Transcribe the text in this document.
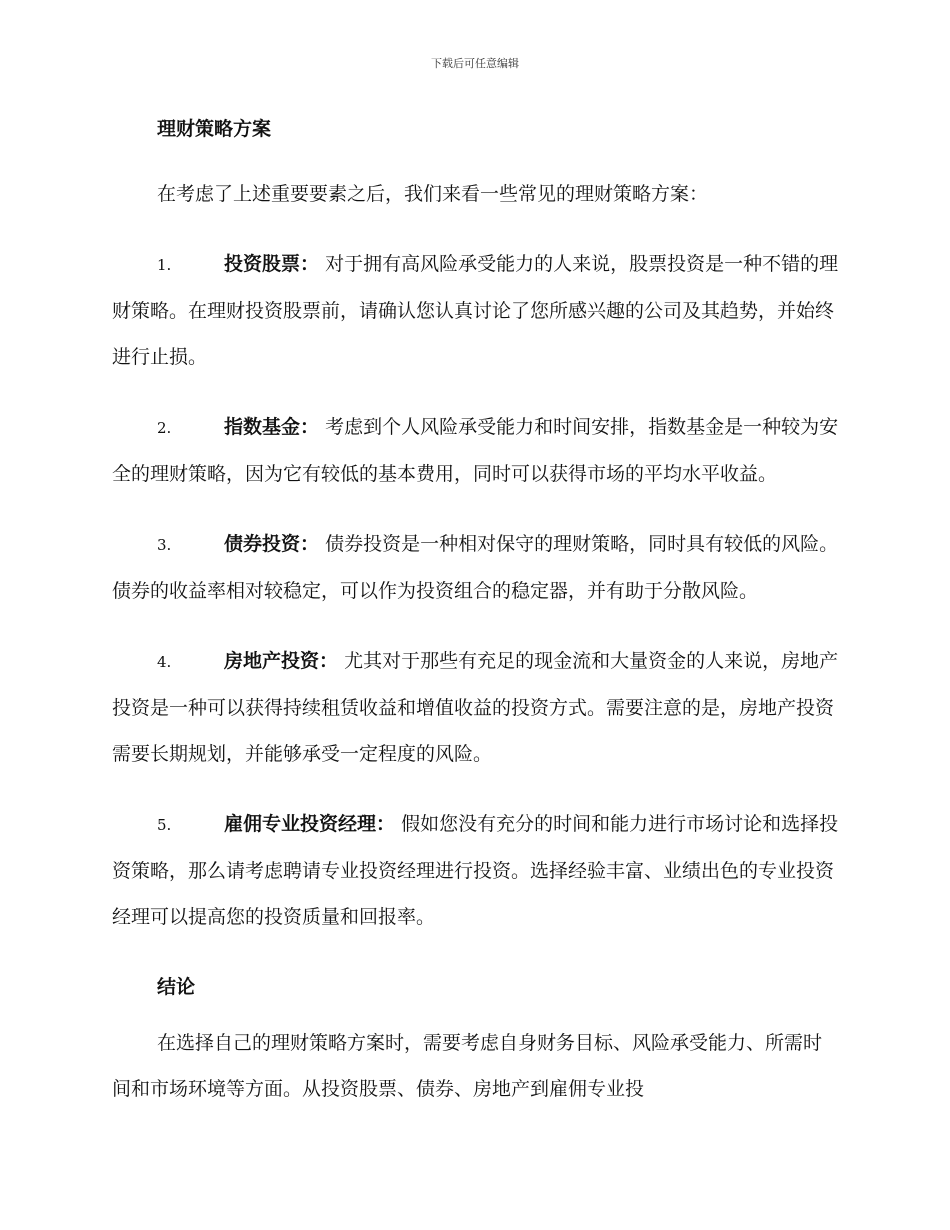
下载后可任意编辑

理财策略方案

在考虑了上述重要要素之后，我们来看一些常见的理财策略方案：

1.	投资股票： 对于拥有高风险承受能力的人来说，股票投资是一种不错的理财策略。在理财投资股票前，请确认您认真讨论了您所感兴趣的公司及其趋势，并始终进行止损。

2.	指数基金： 考虑到个人风险承受能力和时间安排，指数基金是一种较为安全的理财策略，因为它有较低的基本费用，同时可以获得市场的平均水平收益。

3.	债券投资： 债券投资是一种相对保守的理财策略，同时具有较低的风险。债券的收益率相对较稳定，可以作为投资组合的稳定器，并有助于分散风险。

4.	房地产投资： 尤其对于那些有充足的现金流和大量资金的人来说，房地产投资是一种可以获得持续租赁收益和增值收益的投资方式。需要注意的是，房地产投资需要长期规划，并能够承受一定程度的风险。

5.	雇佣专业投资经理： 假如您没有充分的时间和能力进行市场讨论和选择投资策略，那么请考虑聘请专业投资经理进行投资。选择经验丰富、业绩出色的专业投资经理可以提高您的投资质量和回报率。

结论

在选择自己的理财策略方案时，需要考虑自身财务目标、风险承受能力、所需时间和市场环境等方面。从投资股票、债券、房地产到雇佣专业投
